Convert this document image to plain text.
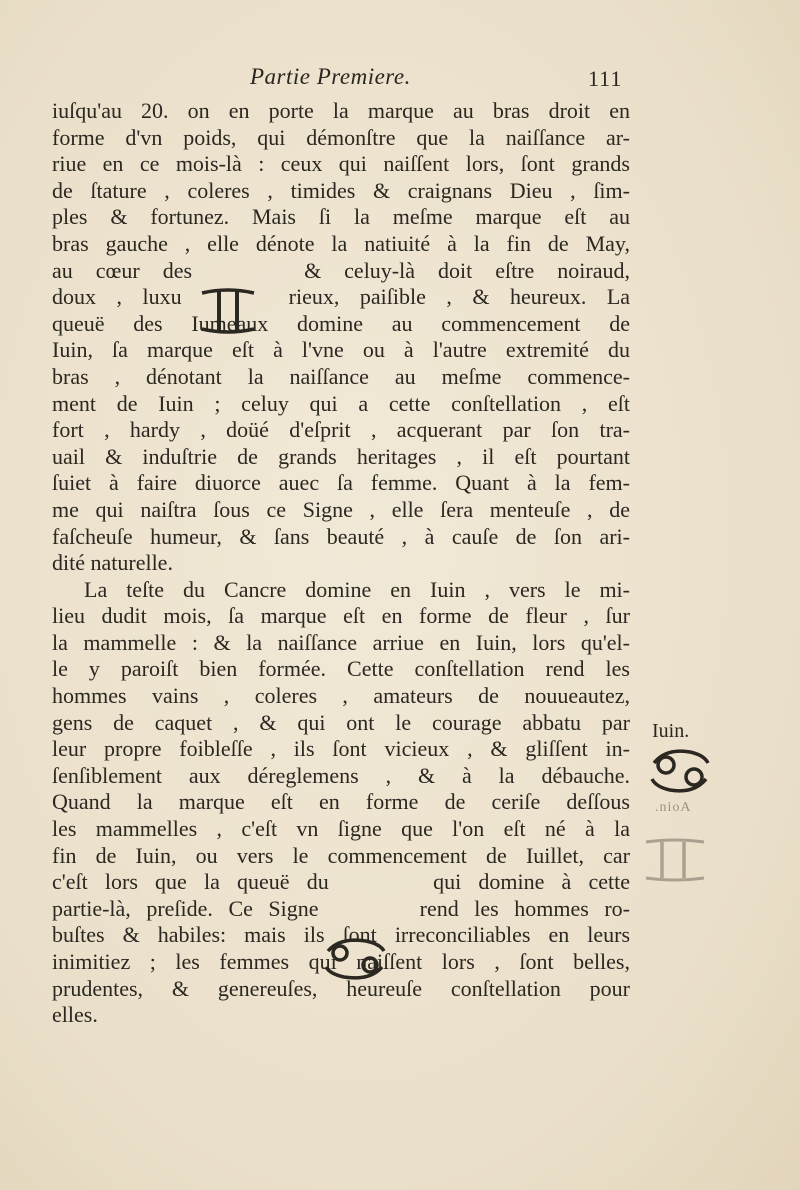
Partie Premiere.	111
iuſqu'au 20. on en porte la marque au bras droit en
forme d'vn poids, qui démonſtre que la naiſſance ar-
riue en ce mois-là : ceux qui naiſſent lors, ſont grands
de ſtature , coleres , timides & craignans Dieu , ſim-
ples & fortunez. Mais ſi la meſme marque eſt au
bras gauche , elle dénote la natiuité à la fin de May,
au cœur des	& celuy-là doit eſtre noiraud,
doux , luxu	rieux, paiſible , & heureux. La
queuë des Iumeaux domine au commencement de
Iuin, ſa marque eſt à l'vne ou à l'autre extremité du
bras , dénotant la naiſſance au meſme commence-
ment de Iuin ; celuy qui a cette conſtellation , eſt
fort , hardy , doüé d'eſprit , acquerant par ſon tra-
uail & induſtrie de grands heritages , il eſt pourtant
ſuiet à faire diuorce auec ſa femme. Quant à la fem-
me qui naiſtra ſous ce Signe , elle ſera menteuſe , de
faſcheuſe humeur, & ſans beauté , à cauſe de ſon ari-
dité naturelle.
La teſte du Cancre domine en Iuin , vers le mi-
lieu dudit mois, ſa marque eſt en forme de fleur , ſur
la mammelle : & la naiſſance arriue en Iuin, lors qu'el-
le y paroiſt bien formée. Cette conſtellation rend les
hommes vains , coleres , amateurs de nouueautez,
gens de caquet , & qui ont le courage abbatu par
leur propre foibleſſe , ils ſont vicieux , & gliſſent in-
ſenſiblement aux déreglemens , & à la débauche.
Quand la marque eſt en forme de ceriſe deſſous
les mammelles , c'eſt vn ſigne que l'on eſt né à la
fin de Iuin, ou vers le commencement de Iuillet, car
c'eſt lors que la queuë du	qui domine à cette
partie-là, preſide. Ce Signe	rend les hommes ro-
buſtes & habiles: mais ils ſont irreconciliables en leurs
inimitiez ; les femmes qui naiſſent lors , ſont belles,
prudentes, & genereuſes, heureuſe conſtellation pour
elles.
Iuin.
.nioA
